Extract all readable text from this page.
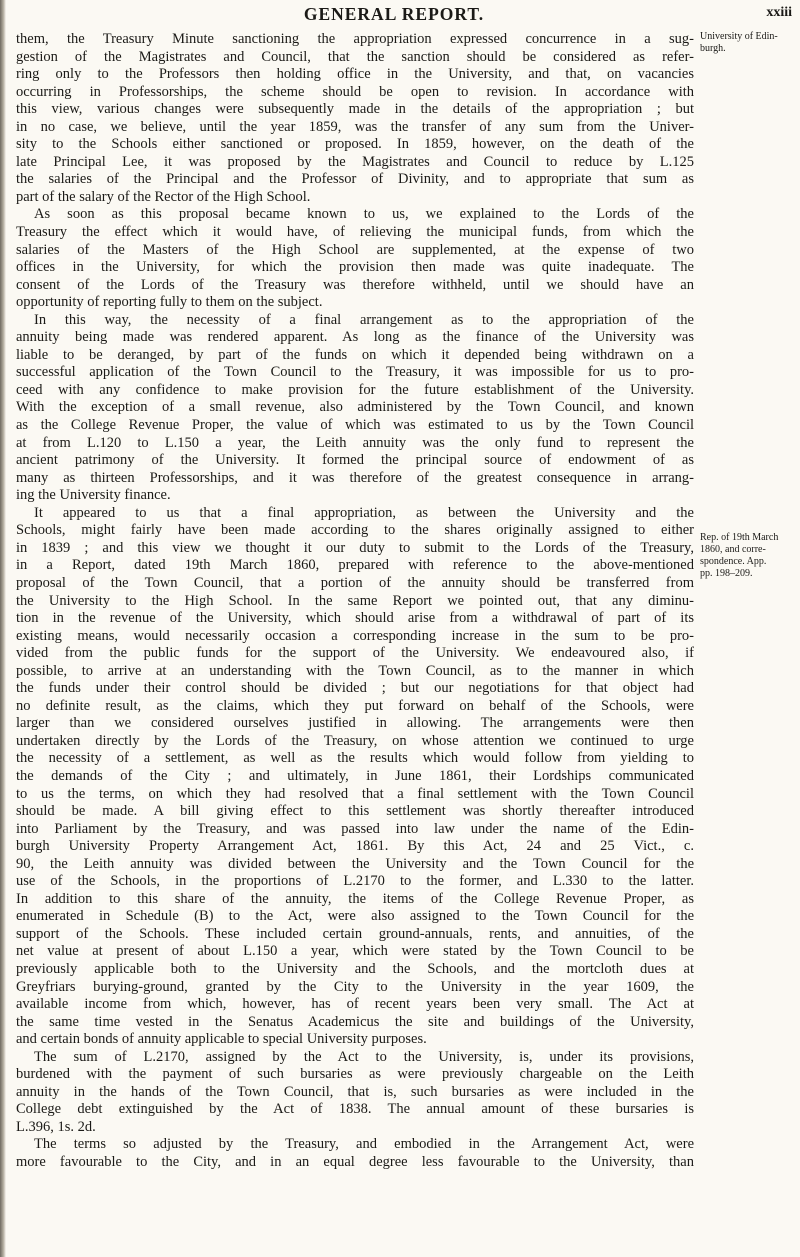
GENERAL REPORT.	xxiii
them, the Treasury Minute sanctioning the appropriation expressed concurrence in a sug-
gestion of the Magistrates and Council, that the sanction should be considered as refer-
ring only to the Professors then holding office in the University, and that, on vacancies
occurring in Professorships, the scheme should be open to revision. In accordance with
this view, various changes were subsequently made in the details of the appropriation ; but
in no case, we believe, until the year 1859, was the transfer of any sum from the Univer-
sity to the Schools either sanctioned or proposed. In 1859, however, on the death of the
late Principal Lee, it was proposed by the Magistrates and Council to reduce by L.125
the salaries of the Principal and the Professor of Divinity, and to appropriate that sum as
part of the salary of the Rector of the High School.
As soon as this proposal became known to us, we explained to the Lords of the
Treasury the effect which it would have, of relieving the municipal funds, from which the
salaries of the Masters of the High School are supplemented, at the expense of two
offices in the University, for which the provision then made was quite inadequate. The
consent of the Lords of the Treasury was therefore withheld, until we should have an
opportunity of reporting fully to them on the subject.
In this way, the necessity of a final arrangement as to the appropriation of the
annuity being made was rendered apparent. As long as the finance of the University was
liable to be deranged, by part of the funds on which it depended being withdrawn on a
successful application of the Town Council to the Treasury, it was impossible for us to pro-
ceed with any confidence to make provision for the future establishment of the University.
With the exception of a small revenue, also administered by the Town Council, and known
as the College Revenue Proper, the value of which was estimated to us by the Town Council
at from L.120 to L.150 a year, the Leith annuity was the only fund to represent the
ancient patrimony of the University. It formed the principal source of endowment of as
many as thirteen Professorships, and it was therefore of the greatest consequence in arrang-
ing the University finance.
It appeared to us that a final appropriation, as between the University and the
Schools, might fairly have been made according to the shares originally assigned to either
in 1839 ; and this view we thought it our duty to submit to the Lords of the Treasury,
in a Report, dated 19th March 1860, prepared with reference to the above-mentioned
proposal of the Town Council, that a portion of the annuity should be transferred from
the University to the High School. In the same Report we pointed out, that any diminu-
tion in the revenue of the University, which should arise from a withdrawal of part of its
existing means, would necessarily occasion a corresponding increase in the sum to be pro-
vided from the public funds for the support of the University. We endeavoured also, if
possible, to arrive at an understanding with the Town Council, as to the manner in which
the funds under their control should be divided ; but our negotiations for that object had
no definite result, as the claims, which they put forward on behalf of the Schools, were
larger than we considered ourselves justified in allowing. The arrangements were then
undertaken directly by the Lords of the Treasury, on whose attention we continued to urge
the necessity of a settlement, as well as the results which would follow from yielding to
the demands of the City ; and ultimately, in June 1861, their Lordships communicated
to us the terms, on which they had resolved that a final settlement with the Town Council
should be made. A bill giving effect to this settlement was shortly thereafter introduced
into Parliament by the Treasury, and was passed into law under the name of the Edin-
burgh University Property Arrangement Act, 1861. By this Act, 24 and 25 Vict., c.
90, the Leith annuity was divided between the University and the Town Council for the
use of the Schools, in the proportions of L.2170 to the former, and L.330 to the latter.
In addition to this share of the annuity, the items of the College Revenue Proper, as
enumerated in Schedule (B) to the Act, were also assigned to the Town Council for the
support of the Schools. These included certain ground-annuals, rents, and annuities, of the
net value at present of about L.150 a year, which were stated by the Town Council to be
previously applicable both to the University and the Schools, and the mortcloth dues at
Greyfriars burying-ground, granted by the City to the University in the year 1609, the
available income from which, however, has of recent years been very small. The Act at
the same time vested in the Senatus Academicus the site and buildings of the University,
and certain bonds of annuity applicable to special University purposes.
The sum of L.2170, assigned by the Act to the University, is, under its provisions,
burdened with the payment of such bursaries as were previously chargeable on the Leith
annuity in the hands of the Town Council, that is, such bursaries as were included in the
College debt extinguished by the Act of 1838. The annual amount of these bursaries is
L.396, 1s. 2d.
The terms so adjusted by the Treasury, and embodied in the Arrangement Act, were
more favourable to the City, and in an equal degree less favourable to the University, than
University of Edin-
burgh.
Rep. of 19th March
1860, and corre-
spondence. App.
pp. 198–209.
